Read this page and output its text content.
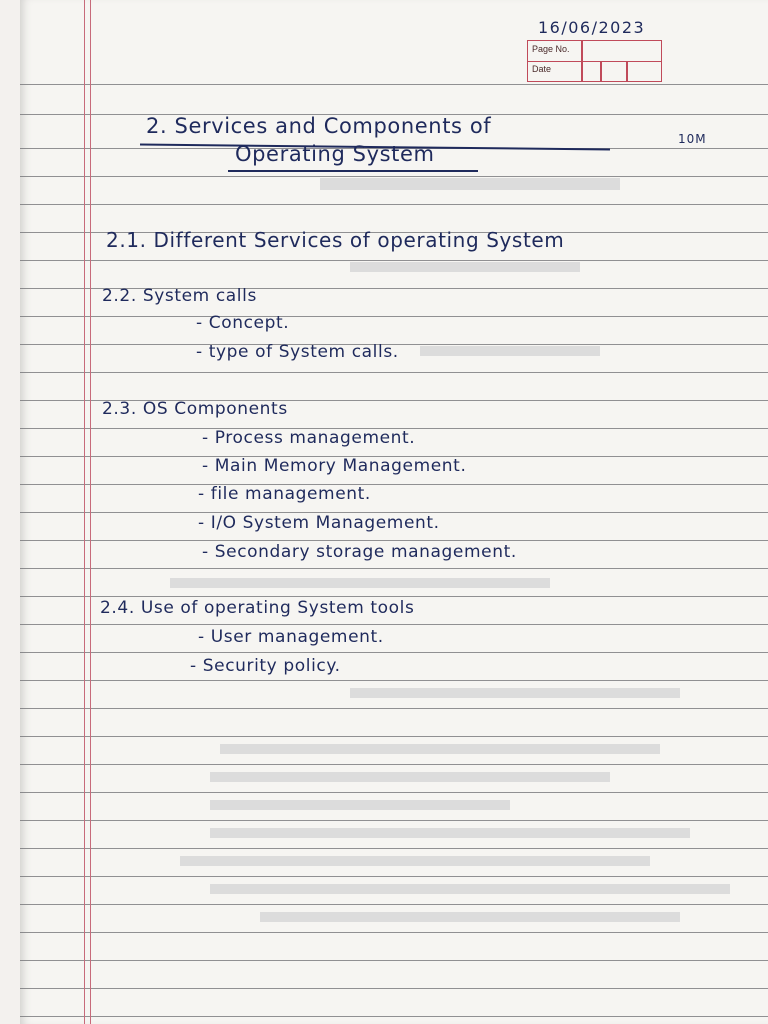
16/06/2023
Page No.
Date
2. Services and Components of
Operating System
10M
2.1. Different Services of operating System
2.2. System calls
- Concept.
- type of System calls.
2.3. OS Components
- Process management.
- Main Memory Management.
- file management.
- I/O System Management.
- Secondary storage management.
2.4. Use of operating System tools
- User management.
- Security policy.
